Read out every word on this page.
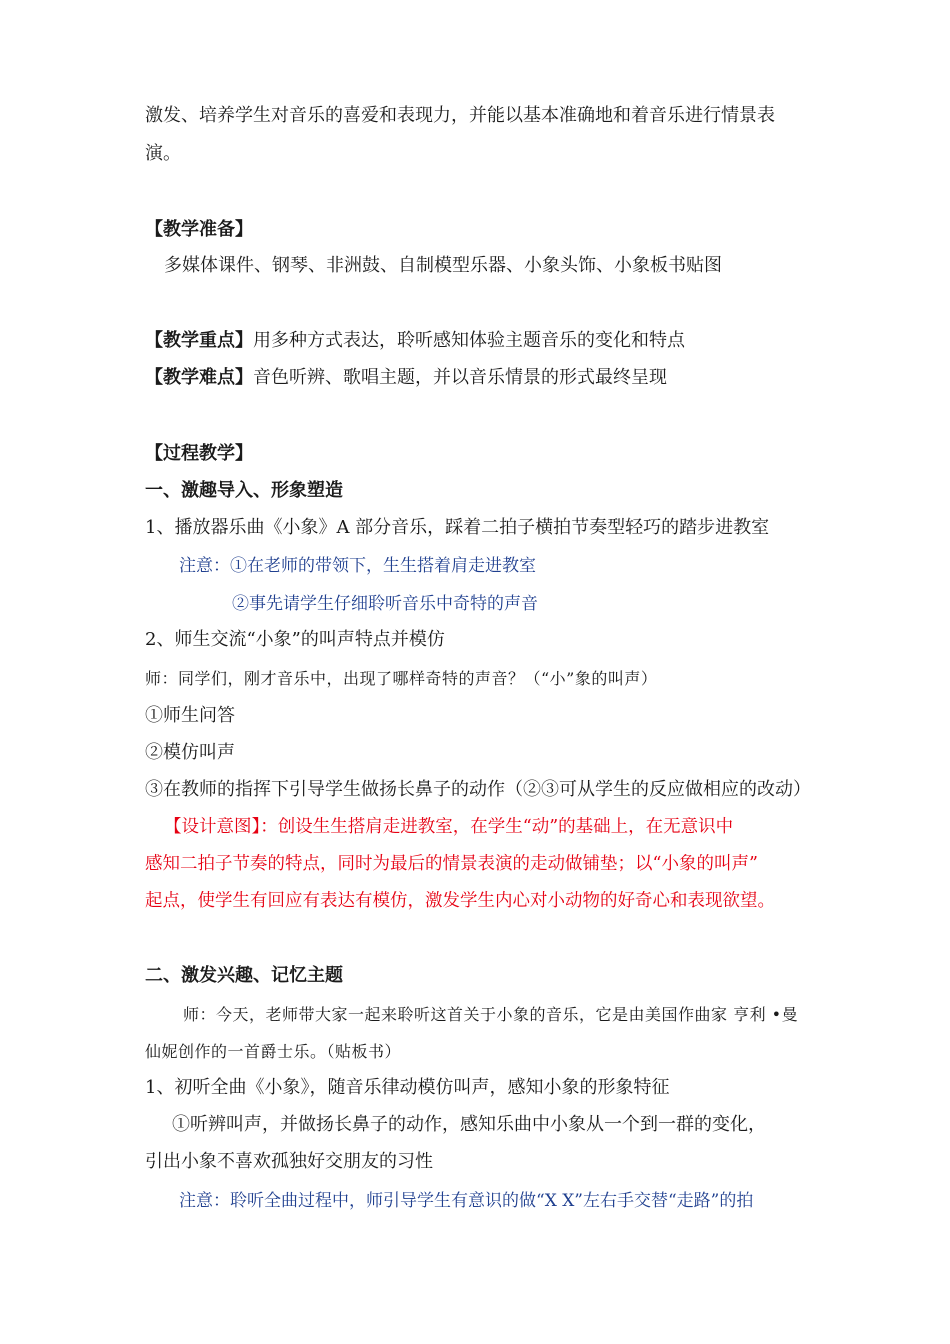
激发、培养学生对音乐的喜爱和表现力，并能以基本准确地和着音乐进行情景表
演。
【教学准备】
多媒体课件、钢琴、非洲鼓、自制模型乐器、小象头饰、小象板书贴图
【教学重点】用多种方式表达，聆听感知体验主题音乐的变化和特点
【教学难点】音色听辨、歌唱主题，并以音乐情景的形式最终呈现
【过程教学】
一、激趣导入、形象塑造
1、播放器乐曲《小象》A 部分音乐，踩着二拍子横拍节奏型轻巧的踏步进教室
注意：①在老师的带领下，生生搭着肩走进教室
②事先请学生仔细聆听音乐中奇特的声音
2、师生交流“小象”的叫声特点并模仿
师：同学们，刚才音乐中，出现了哪样奇特的声音？（“小”象的叫声）
①师生问答
②模仿叫声
③在教师的指挥下引导学生做扬长鼻子的动作（②③可从学生的反应做相应的改动）
【设计意图】：创设生生搭肩走进教室，在学生“动”的基础上，在无意识中
感知二拍子节奏的特点，同时为最后的情景表演的走动做铺垫；以“小象的叫声”
起点，使学生有回应有表达有模仿，激发学生内心对小动物的好奇心和表现欲望。
二、激发兴趣、记忆主题
师：今天，老师带大家一起来聆听这首关于小象的音乐，它是由美国作曲家 亨利 •曼
仙妮创作的一首爵士乐。（贴板书）
1、初听全曲《小象》，随音乐律动模仿叫声，感知小象的形象特征
①听辨叫声，并做扬长鼻子的动作，感知乐曲中小象从一个到一群的变化，
引出小象不喜欢孤独好交朋友的习性
注意：聆听全曲过程中，师引导学生有意识的做“X X”左右手交替“走路”的拍
